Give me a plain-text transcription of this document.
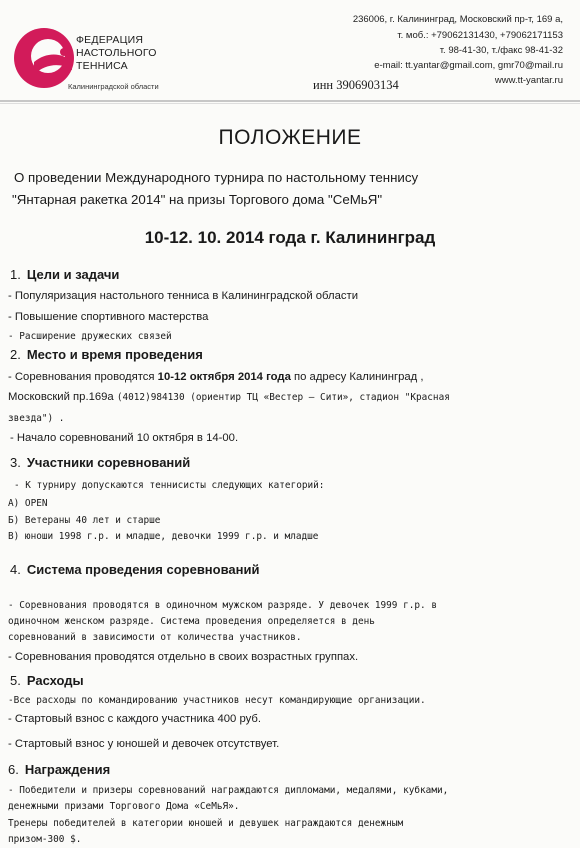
ФЕДЕРАЦИЯ
НАСТОЛЬНОГО
ТЕННИСА
Калининградской области
236006, г. Калининград, Московский пр-т, 169 а,
т. моб.: +79062131430, +79062171153
т. 98-41-30, т./факс 98-41-32
e-mail: tt.yantar@gmail.com, gmr70@mail.ru
www.tt-yantar.ru
инн 3906903134
ПОЛОЖЕНИЕ
О проведении Международного турнира по настольному теннису
"Янтарная ракетка 2014" на призы Торгового дома "СеМьЯ"
10-12. 10. 2014 года г. Калининград
1. Цели и задачи
- Популяризация настольного тенниса в Калининградской области
- Повышение спортивного мастерства
- Расширение дружеских связей
2. Место и время проведения
- Соревнования проводятся 10-12 октября 2014 года по адресу Калининград ,
Московский пр.169а (4012)984130 (ориентир ТЦ «Вестер – Сити», стадион "Красная
звезда") .
- Начало соревнований 10 октября в 14-00.
3. Участники соревнований
- К турниру допускаются теннисисты следующих категорий:
А) OPEN
Б) Ветераны 40 лет и старше
В) юноши 1998 г.р. и младше, девочки 1999 г.р. и младше
4. Система проведения соревнований
- Соревнования проводятся в одиночном мужском разряде. У девочек 1999 г.р. в
одиночном женском разряде. Система проведения определяется в день
соревнований в зависимости от количества участников.
- Соревнования проводятся отдельно в своих возрастных группах.
5. Расходы
-Все расходы по командированию участников несут командирующие организации.
- Стартовый взнос с каждого участника 400 руб.
- Стартовый взнос у юношей и девочек отсутствует.
6. Награждения
- Победители и призеры соревнований награждаются дипломами, медалями, кубками,
денежными призами Торгового Дома «СеМьЯ».
Тренеры победителей в категории юношей и девушек награждаются денежным
призом-300 $.
